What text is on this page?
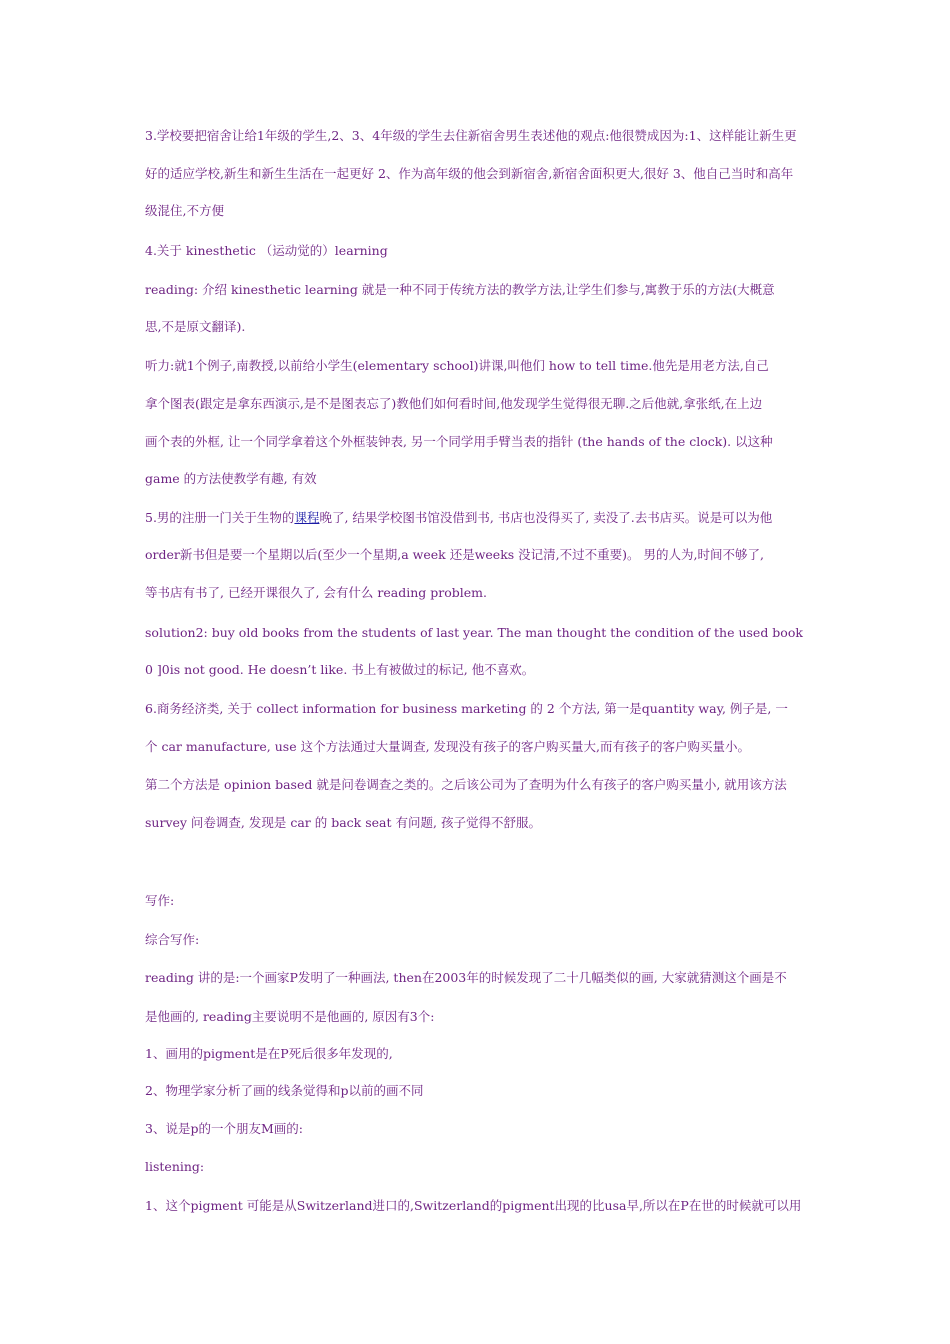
3.学校要把宿舍让给1年级的学生,2、3、4年级的学生去住新宿舍男生表述他的观点:他很赞成因为:1、这样能让新生更
好的适应学校,新生和新生生活在一起更好 2、作为高年级的他会到新宿舍,新宿舍面积更大,很好 3、他自己当时和高年
级混住,不方便
4.关于 kinesthetic （运动觉的）learning
reading: 介绍 kinesthetic learning 就是一种不同于传统方法的教学方法,让学生们参与,寓教于乐的方法(大概意
思,不是原文翻译).
听力:就1个例子,南教授,以前给小学生(elementary school)讲课,叫他们 how to tell time.他先是用老方法,自己
拿个图表(跟定是拿东西演示,是不是图表忘了)教他们如何看时间,他发现学生觉得很无聊.之后他就,拿张纸,在上边
画个表的外框, 让一个同学拿着这个外框装钟表, 另一个同学用手臂当表的指针 (the hands of the clock). 以这种
game 的方法使教学有趣, 有效
5.男的注册一门关于生物的课程晚了, 结果学校图书馆没借到书, 书店也没得买了, 卖没了.去书店买。说是可以为他
order新书但是要一个星期以后(至少一个星期,a week 还是weeks 没记清,不过不重要)。 男的人为,时间不够了,
等书店有书了, 已经开课很久了, 会有什么 reading problem.
solution2: buy old books from the students of last year. The man thought the condition of the used book
0 ]0is not good. He doesn’t like. 书上有被做过的标记, 他不喜欢。
6.商务经济类, 关于 collect information for business marketing 的 2 个方法, 第一是quantity way, 例子是, 一
个 car manufacture, use 这个方法通过大量调查, 发现没有孩子的客户购买量大,而有孩子的客户购买量小。
第二个方法是 opinion based 就是问卷调查之类的。之后该公司为了查明为什么有孩子的客户购买量小, 就用该方法
survey 问卷调查, 发现是 car 的 back seat 有问题, 孩子觉得不舒服。
写作:
综合写作:
reading 讲的是:一个画家P发明了一种画法, then在2003年的时候发现了二十几幅类似的画, 大家就猜测这个画是不
是他画的, reading主要说明不是他画的, 原因有3个:
1、画用的pigment是在P死后很多年发现的,
2、物理学家分析了画的线条觉得和p以前的画不同
3、说是p的一个朋友M画的:
listening:
1、这个pigment 可能是从Switzerland进口的,Switzerland的pigment出现的比usa早,所以在P在世的时候就可以用
